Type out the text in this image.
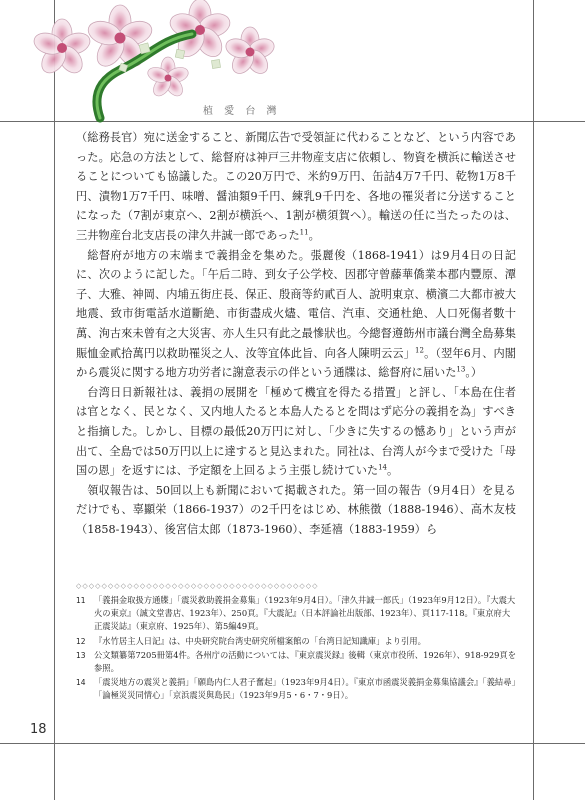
植 愛 台 灣

（総務長官）宛に送金すること、新聞広告で受領証に代わることなど、という内容であった。応急の方法として、総督府は神戸三井物産支店に依頼し、物資を横浜に輸送させることについても協議した。この20万円で、米約9万円、缶詰4万7千円、乾物1万8千円、漬物1万7千円、味噌、醤油類9千円、練乳9千円を、各地の罹災者に分送することになった（7割が東京へ、2割が横浜へ、1割が横須賀へ）。輸送の任に当たったのは、三井物産台北支店長の津久井誠一郎であった$^{11}$。

総督府が地方の末端まで義捐金を集めた。張麗俊（1868-1941）は9月4日の日記に、次のように記した。「午后二時、到女子公学校、因郡守曾藤華僑業本郡内豐原、潭子、大雅、神岡、内埔五街庄長、保正、殷商等約貳百人、說明東京、横濱二大都市被大地震、致市街電話水道斷絶、市街盡成火燼、電信、汽車、交通杜絶、人口死傷者數十萬、洵古來未曾有之大災害、亦人生只有此之最慘狀也。今總督遵飭州市議台灣全島募集賑恤金貳拾萬円以救助罹災之人、汝等宜体此旨、向各人陳明云云」$^{12}$。（翌年6月、内閣から震災に関する地方功労者に謝意表示の伴という通牒は、総督府に届いた$^{13}$。）

台湾日日新報社は、義捐の展開を「極めて機宜を得たる措置」と評し、「本島在住者は官となく、民となく、又内地人たると本島人たるとを問はず応分の義捐を為」すべきと指摘した。しかし、目標の最低20万円に対し、「少きに失するの憾あり」という声が出て、全島では50万円以上に達すると見込まれた。同社は、台湾人が今まで受けた「母国の恩」を返すには、予定額を上回るよう主張し続けていた$^{14}$。

領収報告は、50回以上も新聞において掲載された。第一回の報告（9月4日）を見るだけでも、辜顯栄（1866-1937）の2千円をはじめ、林熊徴（1888-1946）、高木友枝（1858-1943）、後宮信太郎（1873-1960）、李延禧（1883-1959）ら

◇◇◇◇◇◇◇◇◇◇◇◇◇◇◇◇◇◇◇◇◇◇◇◇◇◇◇◇◇◇◇◇◇◇◇◇◇◇
11	「義捐金取扱方通牒」「震災救助義捐金募集」（1923年9月4日）。「津久井誠一郎氏」（1923年9月12日）。『大震大火の東京』（誠文堂書店、1923年）、250頁。『大震記』（日本評論社出版部、1923年）、頁117-118。『東京府大正震災誌』（東京府、1925年）、第5編49頁。
12	『水竹居主人日記』は、中央研究院台湾史研究所檔案館の「台湾日記知識庫」より引用。
13	公文類纂第7205冊第4件。各州庁の活動については、『東京震災録』後輯（東京市役所、1926年）、918-929頁を参照。
14	「震災地方の震災と義捐」「願島内仁人君子奮起」（1923年9月4日）。『東京市函震災義捐金募集協議会』「義結尋」「論極災災同情心」「京浜震災與島民」（1923年9月5・6・7・9日）。
18
